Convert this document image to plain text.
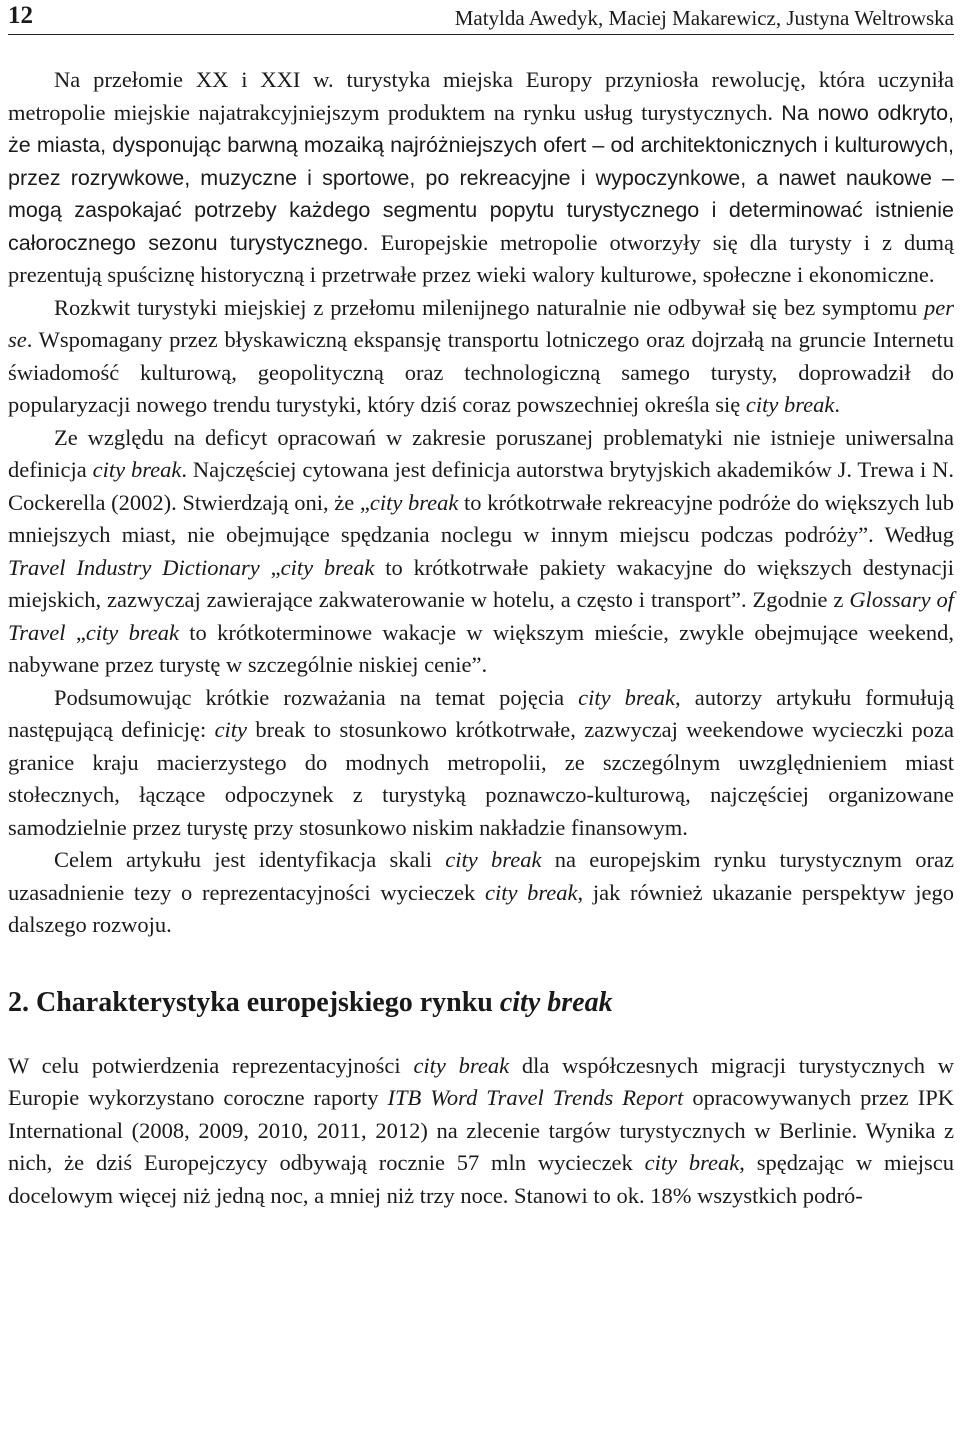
12	Matylda Awedyk, Maciej Makarewicz, Justyna Weltrowska

Na przełomie XX i XXI w. turystyka miejska Europy przyniosła rewolucję, która uczyniła metropolie miejskie najatrakcyjniejszym produktem na rynku usług turystycznych. Na nowo odkryto, że miasta, dysponując barwną mozaiką najróżniejszych ofert – od architektonicznych i kulturowych, przez rozrywkowe, muzyczne i sportowe, po rekreacyjne i wypoczynkowe, a nawet naukowe – mogą zaspokajać potrzeby każdego segmentu popytu turystycznego i determinować istnienie całorocznego sezonu turystycznego. Europejskie metropolie otworzyły się dla turysty i z dumą prezentują spuściznę historyczną i przetrwałe przez wieki walory kulturowe, społeczne i ekonomiczne.

Rozkwit turystyki miejskiej z przełomu milenijnego naturalnie nie odbywał się bez symptomu per se. Wspomagany przez błyskawiczną ekspansję transportu lotniczego oraz dojrzałą na gruncie Internetu świadomość kulturową, geopolityczną oraz technologiczną samego turysty, doprowadził do popularyzacji nowego trendu turystyki, który dziś coraz powszechniej określa się city break.

Ze względu na deficyt opracowań w zakresie poruszanej problematyki nie istnieje uniwersalna definicja city break. Najczęściej cytowana jest definicja autorstwa brytyjskich akademików J. Trewa i N. Cockerella (2002). Stwierdzają oni, że „city break to krótkotrwałe rekreacyjne podróże do większych lub mniejszych miast, nie obejmujące spędzania noclegu w innym miejscu podczas podróży”. Według Travel Industry Dictionary „city break to krótkotrwałe pakiety wakacyjne do większych destynacji miejskich, zazwyczaj zawierające zakwaterowanie w hotelu, a często i transport”. Zgodnie z Glossary of Travel „city break to krótkoterminowe wakacje w większym mieście, zwykle obejmujące weekend, nabywane przez turystę w szczególnie niskiej cenie”.

Podsumowując krótkie rozważania na temat pojęcia city break, autorzy artykułu formułują następującą definicję: city break to stosunkowo krótkotrwałe, zazwyczaj weekendowe wycieczki poza granice kraju macierzystego do modnych metropolii, ze szczególnym uwzględnieniem miast stołecznych, łączące odpoczynek z turystyką poznawczo-kulturową, najczęściej organizowane samodzielnie przez turystę przy stosunkowo niskim nakładzie finansowym.

Celem artykułu jest identyfikacja skali city break na europejskim rynku turystycznym oraz uzasadnienie tezy o reprezentacyjności wycieczek city break, jak również ukazanie perspektyw jego dalszego rozwoju.

2. Charakterystyka europejskiego rynku city break

W celu potwierdzenia reprezentacyjności city break dla współczesnych migracji turystycznych w Europie wykorzystano coroczne raporty ITB Word Travel Trends Report opracowywanych przez IPK International (2008, 2009, 2010, 2011, 2012) na zlecenie targów turystycznych w Berlinie. Wynika z nich, że dziś Europejczycy odbywają rocznie 57 mln wycieczek city break, spędzając w miejscu docelowym więcej niż jedną noc, a mniej niż trzy noce. Stanowi to ok. 18% wszystkich podró-
